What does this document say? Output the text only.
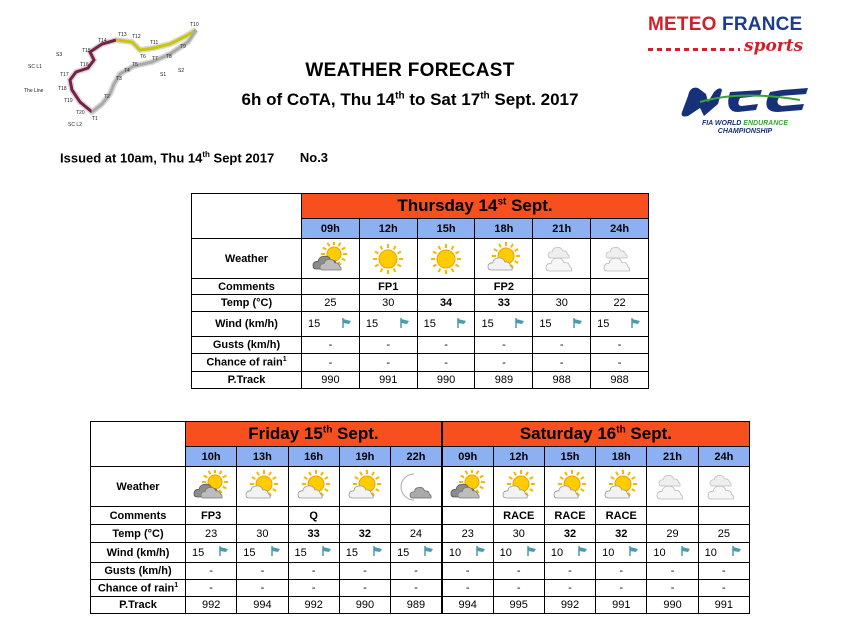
T1
T2
T3
T4
T5
T6 T7 T8
T9
T10
T11
T12
T13
T14
T15
T16
T17
T18
T19
T20
S1
S2
S3
SC L1
SC L2
The Line
WEATHER FORECAST
6h of CoTA, Thu 14th to Sat 17th Sept. 2017
METEO FRANCE
sports
FIA WORLD ENDURANCE
CHAMPIONSHIP
Issued at 10am, Thu 14th Sept 2017 No.3
	Thursday 14st Sept.					
	09h	12h	15h	18h	21h	24h
Weather	

Comments		FP1		FP2		
Temp (°C)	25	30	34	33	30	22
Wind (km/h)	15	15	15	15	15	15

Gusts (km/h)	-	-	-	-	-	-
Chance of rain$^1$	-	-	-	-	-	-
P.Track	990	991	990	989	988	988
	Friday 15th Sept.					Saturday 16th Sept.					
	10h	13h	16h	19h	22h	09h	12h	15h	18h	21h	24h
Weather	

Comments	FP3		Q				RACE	RACE	RACE		
Temp (°C)	23	30	33	32	24	23	30	32	32	29	25
Wind (km/h)	15	15	15	15	15	10	10	10	10	10	10

Gusts (km/h)	-	-	-	-	-	-	-	-	-	-	-
Chance of rain$^1$	-	-	-	-	-	-	-	-	-	-	-
P.Track	992	994	992	990	989	994	995	992	991	990	991
